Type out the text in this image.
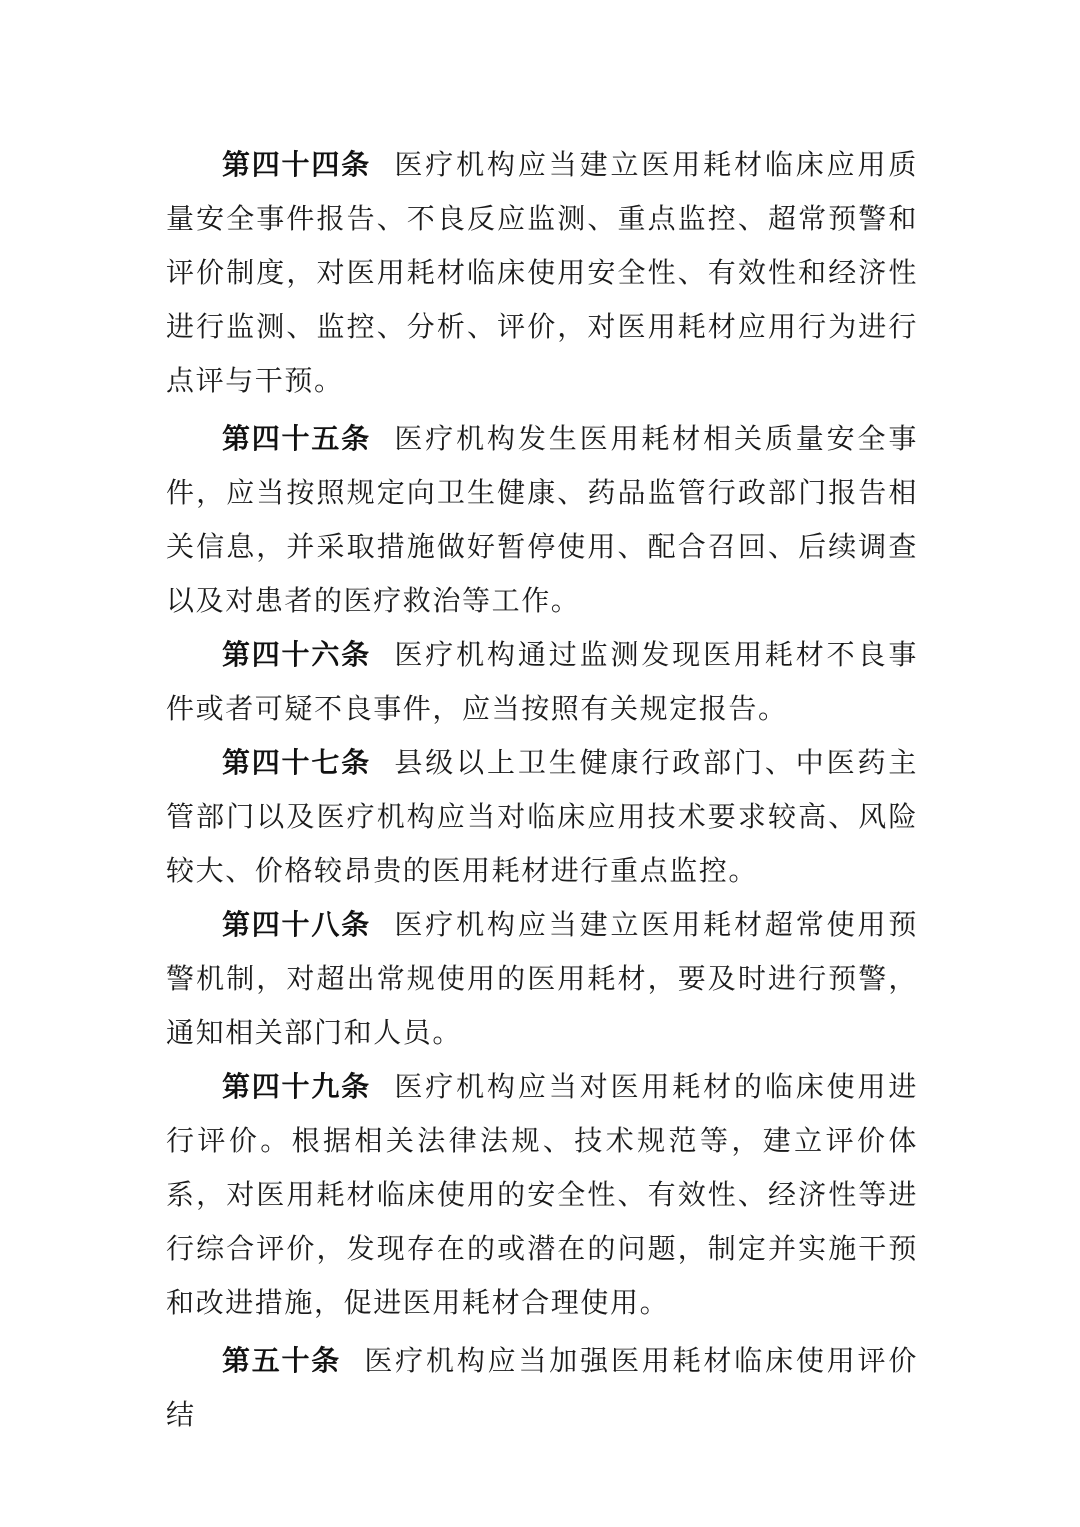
第四十四条  医疗机构应当建立医用耗材临床应用质量安全事件报告、不良反应监测、重点监控、超常预警和评价制度，对医用耗材临床使用安全性、有效性和经济性进行监测、监控、分析、评价，对医用耗材应用行为进行点评与干预。

第四十五条  医疗机构发生医用耗材相关质量安全事件，应当按照规定向卫生健康、药品监管行政部门报告相关信息，并采取措施做好暂停使用、配合召回、后续调查以及对患者的医疗救治等工作。

第四十六条  医疗机构通过监测发现医用耗材不良事件或者可疑不良事件，应当按照有关规定报告。

第四十七条  县级以上卫生健康行政部门、中医药主管部门以及医疗机构应当对临床应用技术要求较高、风险较大、价格较昂贵的医用耗材进行重点监控。

第四十八条  医疗机构应当建立医用耗材超常使用预警机制，对超出常规使用的医用耗材，要及时进行预警，通知相关部门和人员。

第四十九条  医疗机构应当对医用耗材的临床使用进行评价。根据相关法律法规、技术规范等，建立评价体系，对医用耗材临床使用的安全性、有效性、经济性等进行综合评价，发现存在的或潜在的问题，制定并实施干预和改进措施，促进医用耗材合理使用。

第五十条  医疗机构应当加强医用耗材临床使用评价结
